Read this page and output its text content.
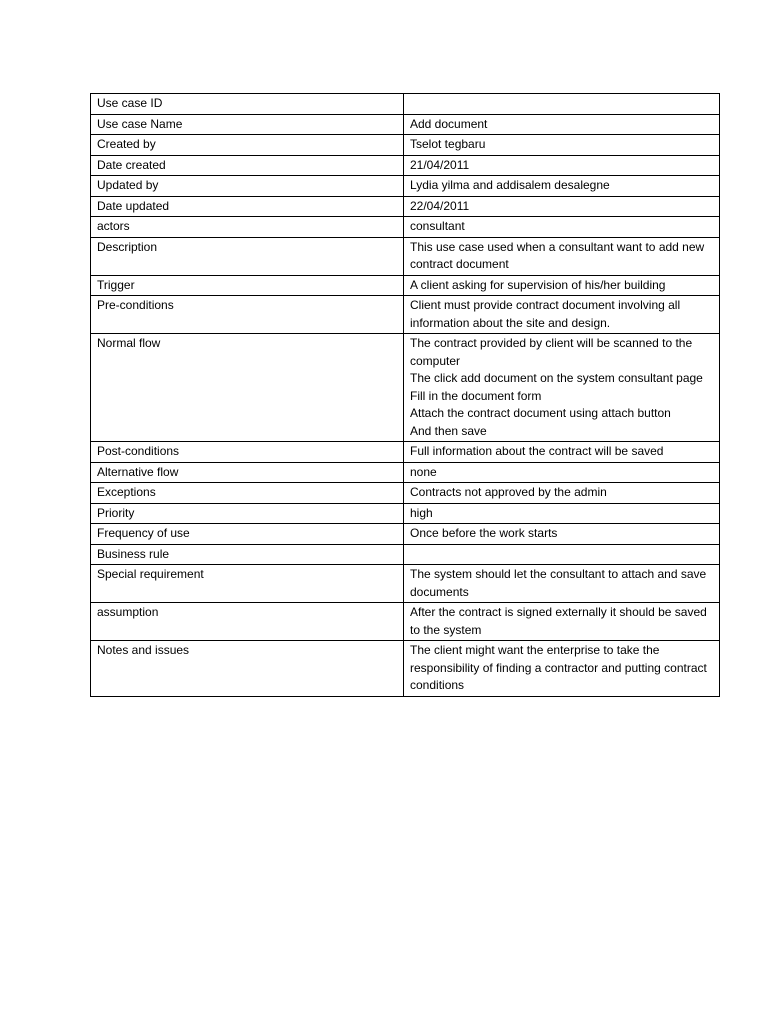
Use case ID	
Use case Name	Add document

Created by	Tselot tegbaru

Date created	21/04/2011

Updated by	Lydia yilma and addisalem desalegne

Date updated	22/04/2011

actors	consultant

Description	This use case used when a consultant want to add new contract document

Trigger	A client asking for supervision of his/her building

Pre-conditions	Client must provide contract document involving all information about the site and design.

Normal flow	The contract provided by client will be scanned to the computer
The click add document on the system consultant page
Fill in the document form
Attach the contract document using attach button
And then save

Post-conditions	Full information about the contract will be saved

Alternative flow	none

Exceptions	Contracts not approved by the admin

Priority	high

Frequency of use	Once before the work starts

Business rule	
Special requirement	The system should let the consultant to attach and save documents

assumption	After the contract is signed externally it should be saved to the system

Notes and issues	The client might want the enterprise to take the responsibility of finding a contractor and putting contract conditions
